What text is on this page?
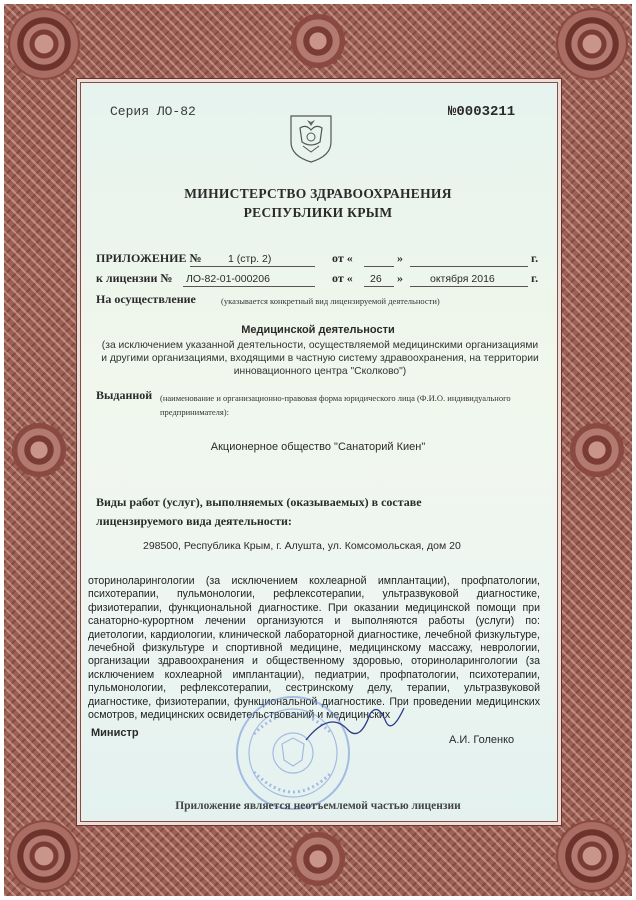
Серия ЛО-82	№0003211
МИНИСТЕРСТВО ЗДРАВООХРАНЕНИЯ
РЕСПУБЛИКИ КРЫМ
ПРИЛОЖЕНИЕ №	1 (стр. 2)	от «	»	г.
к лицензии № ЛО-82-01-000206	от « 26 »	октября 2016	г.
На осуществление	(указывается конкретный вид лицензируемой деятельности)
Медицинской деятельности
(за исключением указанной деятельности, осуществляемой медицинскими организациями и другими организациями, входящими в частную систему здравоохранения, на территории инновационного центра "Сколково")
Выданной (наименование и организационно-правовая форма юридического лица (Ф.И.О. индивидуального предпринимателя):
Акционерное общество "Санаторий Киен"
Виды работ (услуг), выполняемых (оказываемых) в составе
лицензируемого вида деятельности:
298500, Республика Крым, г. Алушта, ул. Комсомольская, дом 20
оториноларингологии (за исключением кохлеарной имплантации), профпатологии, психотерапии, пульмонологии, рефлексотерапии, ультразвуковой диагностике, физиотерапии, функциональной диагностике. При оказании медицинской помощи при санаторно-курортном лечении организуются и выполняются работы (услуги) по: диетологии, кардиологии, клинической лабораторной диагностике, лечебной физкультуре, лечебной физкультуре и спортивной медицине, медицинскому массажу, неврологии, организации здравоохранения и общественному здоровью, оториноларингологии (за исключением кохлеарной имплантации), педиатрии, профпатологии, психотерапии, пульмонологии, рефлексотерапии, сестринскому делу, терапии, ультразвуковой диагностике, физиотерапии, функциональной диагностике. При проведении медицинских осмотров, медицинских освидетельствований и медицинских
Министр
А.И. Голенко
Приложение является неотъемлемой частью лицензии
